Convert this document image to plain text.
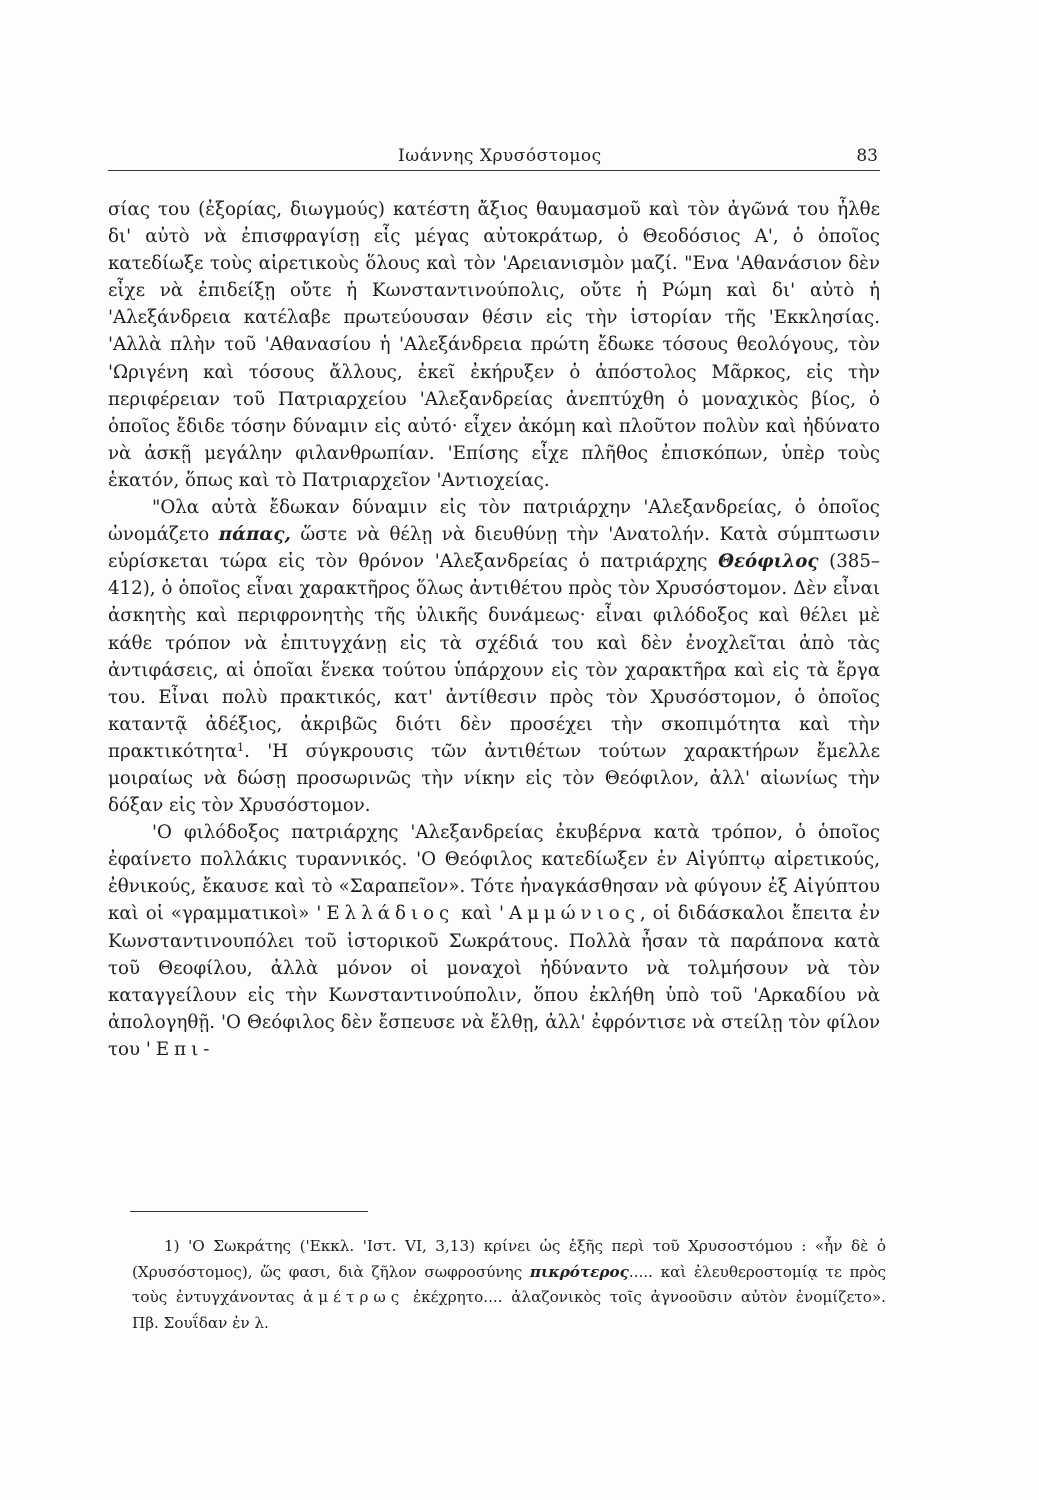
Ιωάννης Χρυσόστομος	83

σίας του (ἐξορίας, διωγμούς) κατέστη ἄξιος θαυμασμοῦ καὶ τὸν ἀγῶνά του ἦλθε δι' αὐτὸ νὰ ἐπισφραγίσῃ εἷς μέγας αὐτοκράτωρ, ὁ Θεοδόσιος Α', ὁ ὁποῖος κατεδίωξε τοὺς αἱρετικοὺς ὅλους καὶ τὸν 'Αρειανισμὸν μαζί. "Ενα 'Αθανάσιον δὲν εἶχε νὰ ἐπιδείξῃ οὔτε ἡ Κωνσταντινούπολις, οὔτε ἡ Ρώμη καὶ δι' αὐτὸ ἡ 'Αλεξάνδρεια κατέλαβε πρωτεύουσαν θέσιν εἰς τὴν ἱστορίαν τῆς 'Εκκλησίας. 'Αλλὰ πλὴν τοῦ 'Αθανασίου ἡ 'Αλεξάνδρεια πρώτη ἔδωκε τόσους θεολόγους, τὸν 'Ωριγένη καὶ τόσους ἄλλους, ἐκεῖ ἐκήρυξεν ὁ ἀπόστολος Μᾶρκος, εἰς τὴν περιφέρειαν τοῦ Πατριαρχείου 'Αλεξανδρείας ἀνεπτύχθη ὁ μοναχικὸς βίος, ὁ ὁποῖος ἔδιδε τόσην δύναμιν εἰς αὐτό· εἶχεν ἀκόμη καὶ πλοῦτον πολὺν καὶ ἠδύνατο νὰ ἀσκῇ μεγάλην φιλανθρωπίαν. 'Επίσης εἶχε πλῆθος ἐπισκόπων, ὑπὲρ τοὺς ἑκατόν, ὅπως καὶ τὸ Πατριαρχεῖον 'Αντιοχείας.

"Ολα αὐτὰ ἔδωκαν δύναμιν εἰς τὸν πατριάρχην 'Αλεξανδρείας, ὁ ὁποῖος ὠνομάζετο πάπας, ὥστε νὰ θέλῃ νὰ διευθύνῃ τὴν 'Ανατολήν. Κατὰ σύμπτωσιν εὑρίσκεται τώρα εἰς τὸν θρόνον 'Αλεξανδρείας ὁ πατριάρχης Θεόφιλος (385–412), ὁ ὁποῖος εἶναι χαρακτῆρος ὅλως ἀντιθέτου πρὸς τὸν Χρυσόστομον. Δὲν εἶναι ἀσκητὴς καὶ περιφρονητὴς τῆς ὑλικῆς δυνάμεως· εἶναι φιλόδοξος καὶ θέλει μὲ κάθε τρόπον νὰ ἐπιτυγχάνῃ εἰς τὰ σχέδιά του καὶ δὲν ἐνοχλεῖται ἀπὸ τὰς ἀντιφάσεις, αἱ ὁποῖαι ἕνεκα τούτου ὑπάρχουν εἰς τὸν χαρακτῆρα καὶ εἰς τὰ ἔργα του. Εἶναι πολὺ πρακτικός, κατ' ἀντίθεσιν πρὸς τὸν Χρυσόστομον, ὁ ὁποῖος καταντᾷ ἀδέξιος, ἀκριβῶς διότι δὲν προσέχει τὴν σκοπιμότητα καὶ τὴν πρακτικότητα$^1$. 'Η σύγκρουσις τῶν ἀντιθέτων τούτων χαρακτήρων ἔμελλε μοιραίως νὰ δώσῃ προσωρινῶς τὴν νίκην εἰς τὸν Θεόφιλον, ἀλλ' αἰωνίως τὴν δόξαν εἰς τὸν Χρυσόστομον.

'Ο φιλόδοξος πατριάρχης 'Αλεξανδρείας ἐκυβέρνα κατὰ τρόπον, ὁ ὁποῖος ἐφαίνετο πολλάκις τυραννικός. 'Ο Θεόφιλος κατεδίωξεν ἐν Αἰγύπτῳ αἱρετικούς, ἐθνικούς, ἔκαυσε καὶ τὸ «Σαραπεῖον». Τότε ἠναγκάσθησαν νὰ φύγουν ἐξ Αἰγύπτου καὶ οἱ «γραμματικοὶ» 'Ελλάδιος καὶ 'Αμμώνιος, οἱ διδάσκαλοι ἔπειτα ἐν Κωνσταντινουπόλει τοῦ ἱστορικοῦ Σωκράτους. Πολλὰ ἦσαν τὰ παράπονα κατὰ τοῦ Θεοφίλου, ἀλλὰ μόνον οἱ μοναχοὶ ἠδύναντο νὰ τολμήσουν νὰ τὸν καταγγείλουν εἰς τὴν Κωνσταντινούπολιν, ὅπου ἐκλήθη ὑπὸ τοῦ 'Αρκαδίου νὰ ἀπολογηθῇ. 'Ο Θεόφιλος δὲν ἔσπευσε νὰ ἔλθῃ, ἀλλ' ἐφρόντισε νὰ στείλῃ τὸν φίλον του 'Επι-

1) 'Ο Σωκράτης ('Εκκλ. 'Ιστ. VI, 3,13) κρίνει ὡς ἑξῆς περὶ τοῦ Χρυσοστόμου : «ἦν δὲ ὁ (Χρυσόστομος), ὥς φασι, διὰ ζῆλον σωφροσύνης πικρότερος..... καὶ ἐλευθεροστομίᾳ τε πρὸς τοὺς ἐντυγχάνοντας ἀμέτρως ἐκέχρητο.... ἀλαζονικὸς τοῖς ἀγνοοῦσιν αὐτὸν ἐνομίζετο». Πβ. Σουΐδαν ἐν λ.
